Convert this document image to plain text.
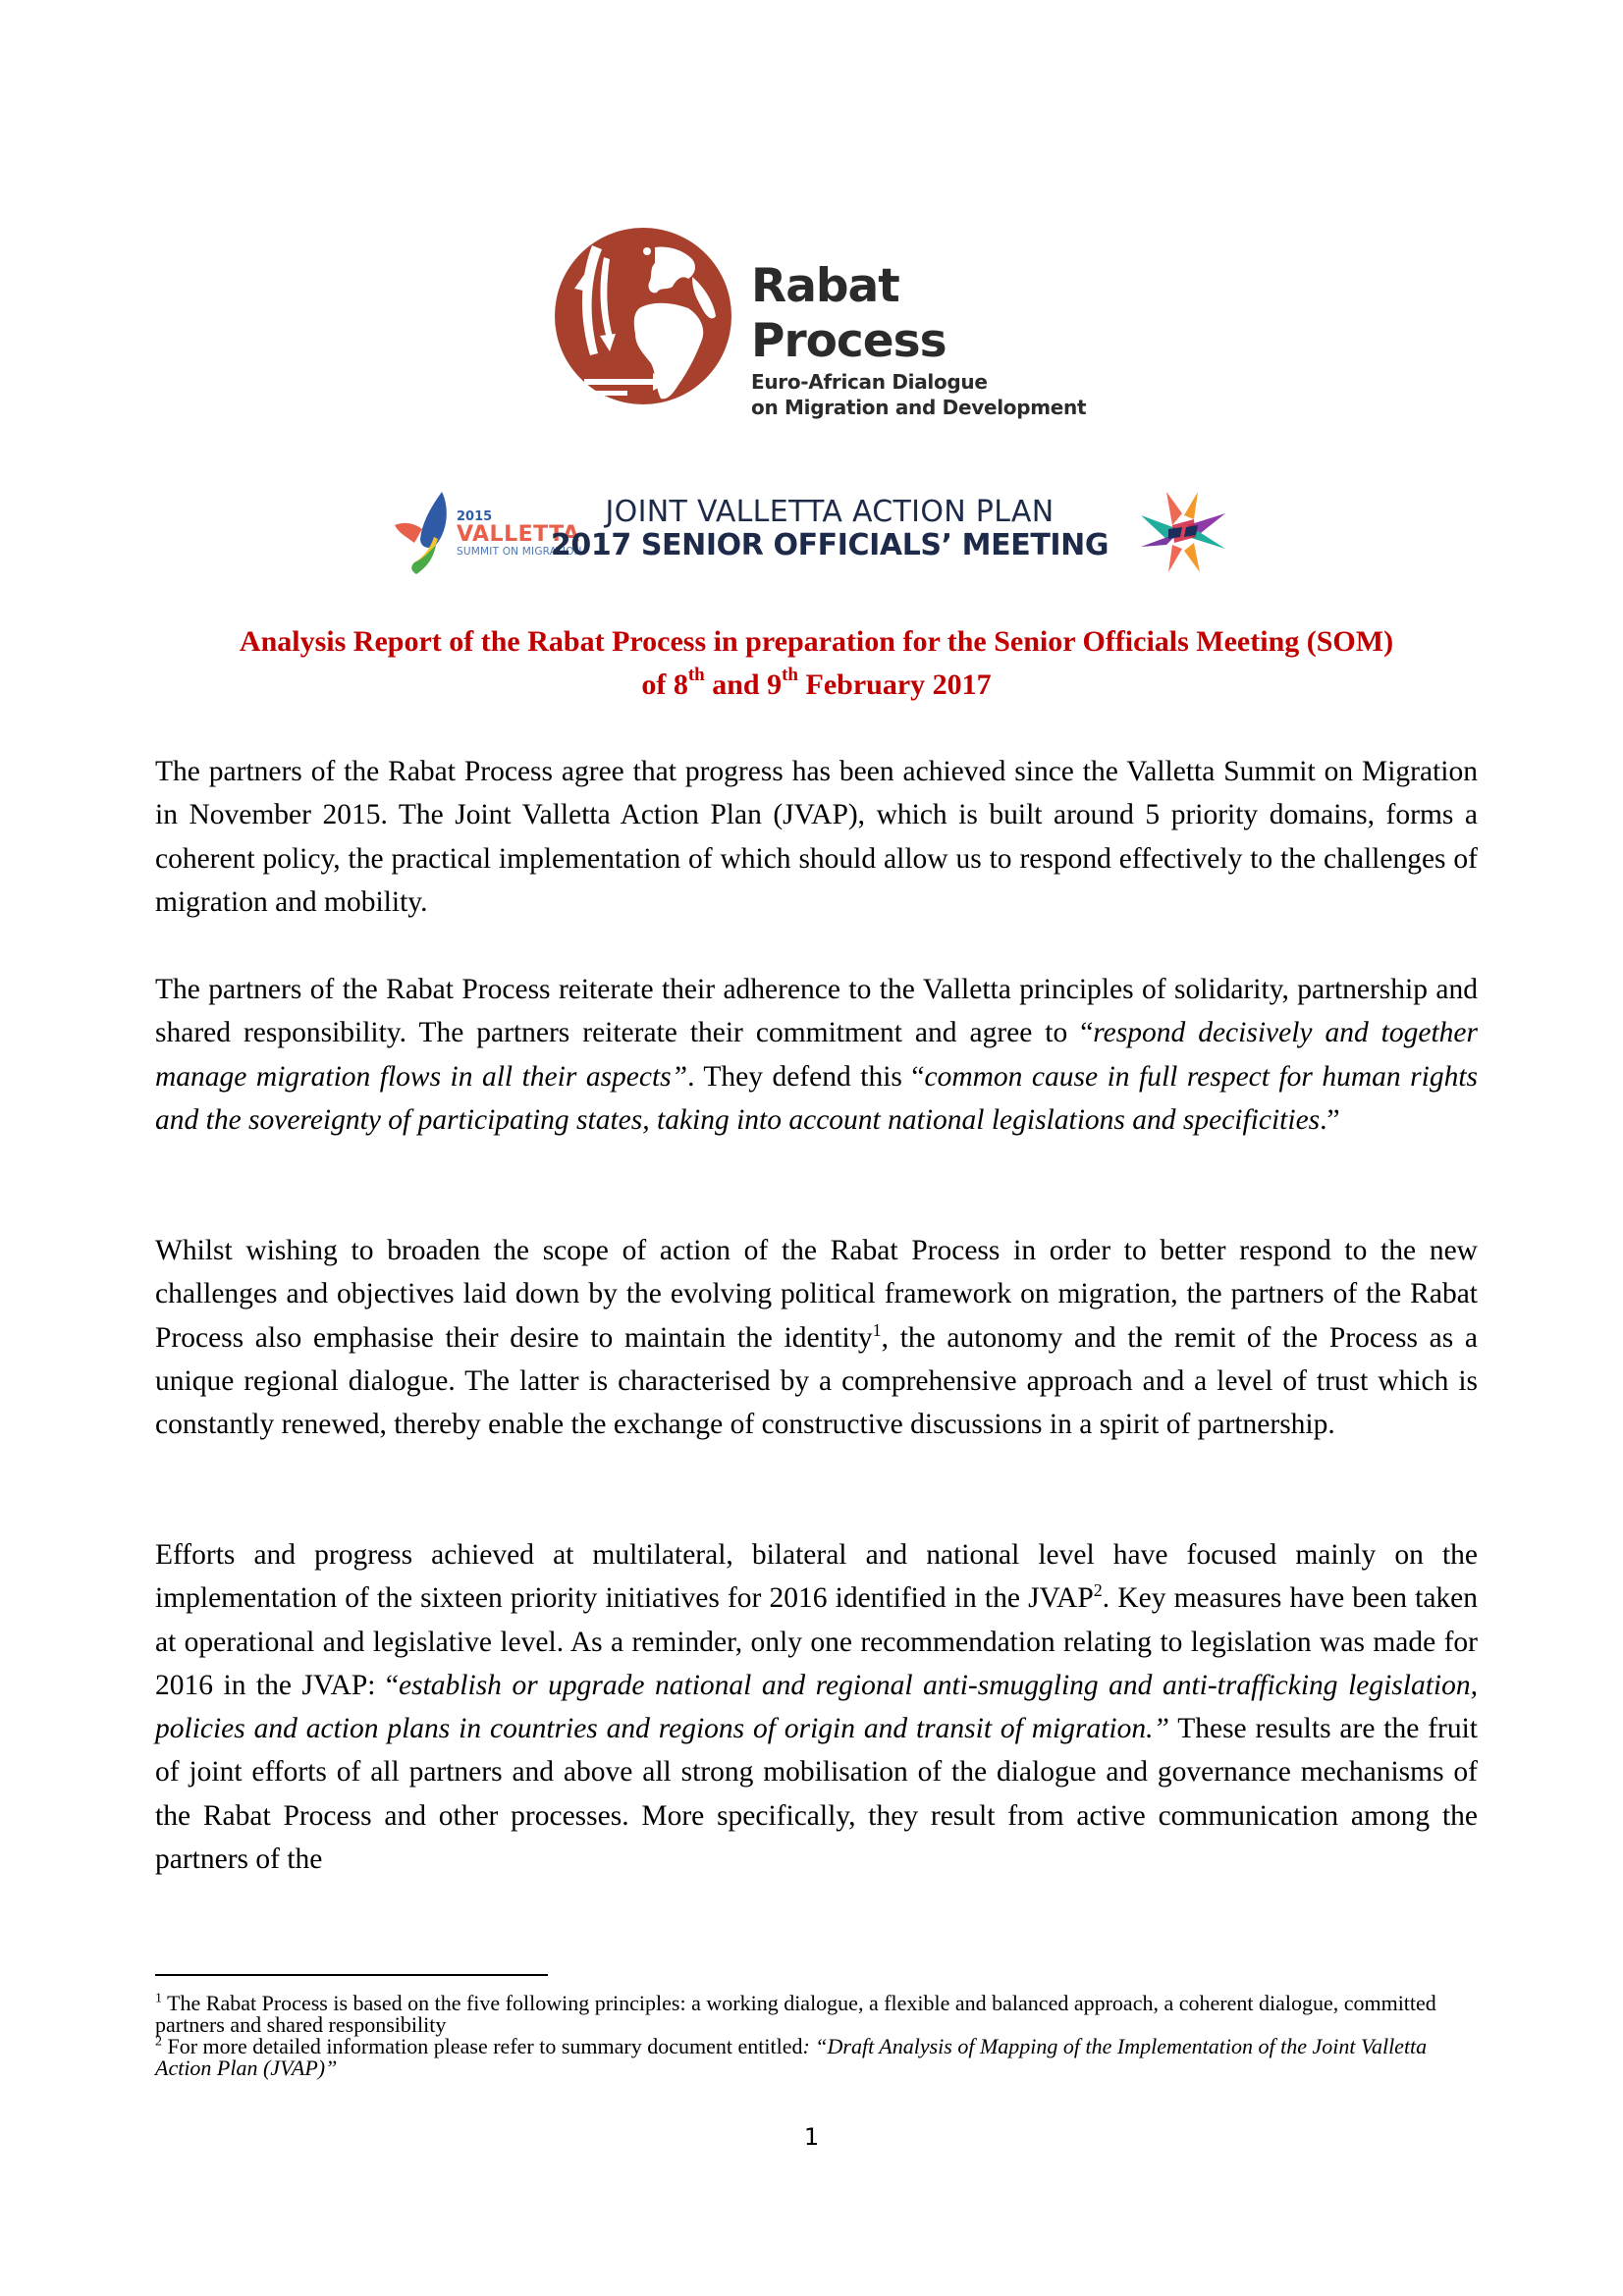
Rabat Process
Euro-African Dialogue
on Migration and Development
2015
VALLETTA
SUMMIT ON MIGRATION
JOINT VALLETTA ACTION PLAN
2017 SENIOR OFFICIALS’ MEETING
Analysis Report of the Rabat Process in preparation for the Senior Officials Meeting (SOM)
of 8th and 9th February 2017

The partners of the Rabat Process agree that progress has been achieved since the Valletta Summit on Migration in November 2015. The Joint Valletta Action Plan (JVAP), which is built around 5 priority domains, forms a coherent policy, the practical implementation of which should allow us to respond effectively to the challenges of migration and mobility.

The partners of the Rabat Process reiterate their adherence to the Valletta principles of solidarity, partnership and shared responsibility. The partners reiterate their commitment and agree to “respond decisively and together manage migration flows in all their aspects”. They defend this “common cause in full respect for human rights and the sovereignty of participating states, taking into account national legislations and specificities.”

Whilst wishing to broaden the scope of action of the Rabat Process in order to better respond to the new challenges and objectives laid down by the evolving political framework on migration, the partners of the Rabat Process also emphasise their desire to maintain the identity$^1$, the autonomy and the remit of the Process as a unique regional dialogue. The latter is characterised by a comprehensive approach and a level of trust which is constantly renewed, thereby enable the exchange of constructive discussions in a spirit of partnership.

Efforts and progress achieved at multilateral, bilateral and national level have focused mainly on the implementation of the sixteen priority initiatives for 2016 identified in the JVAP$^2$. Key measures have been taken at operational and legislative level. As a reminder, only one recommendation relating to legislation was made for 2016 in the JVAP: “establish or upgrade national and regional anti-smuggling and anti-trafficking legislation, policies and action plans in countries and regions of origin and transit of migration.” These results are the fruit of joint efforts of all partners and above all strong mobilisation of the dialogue and governance mechanisms of the Rabat Process and other processes. More specifically, they result from active communication among the partners of the

$^1$ The Rabat Process is based on the five following principles: a working dialogue, a flexible and balanced approach, a coherent dialogue, committed partners and shared responsibility

$^2$ For more detailed information please refer to summary document entitled: “Draft Analysis of Mapping of the Implementation of the Joint Valletta Action Plan (JVAP)”

1
